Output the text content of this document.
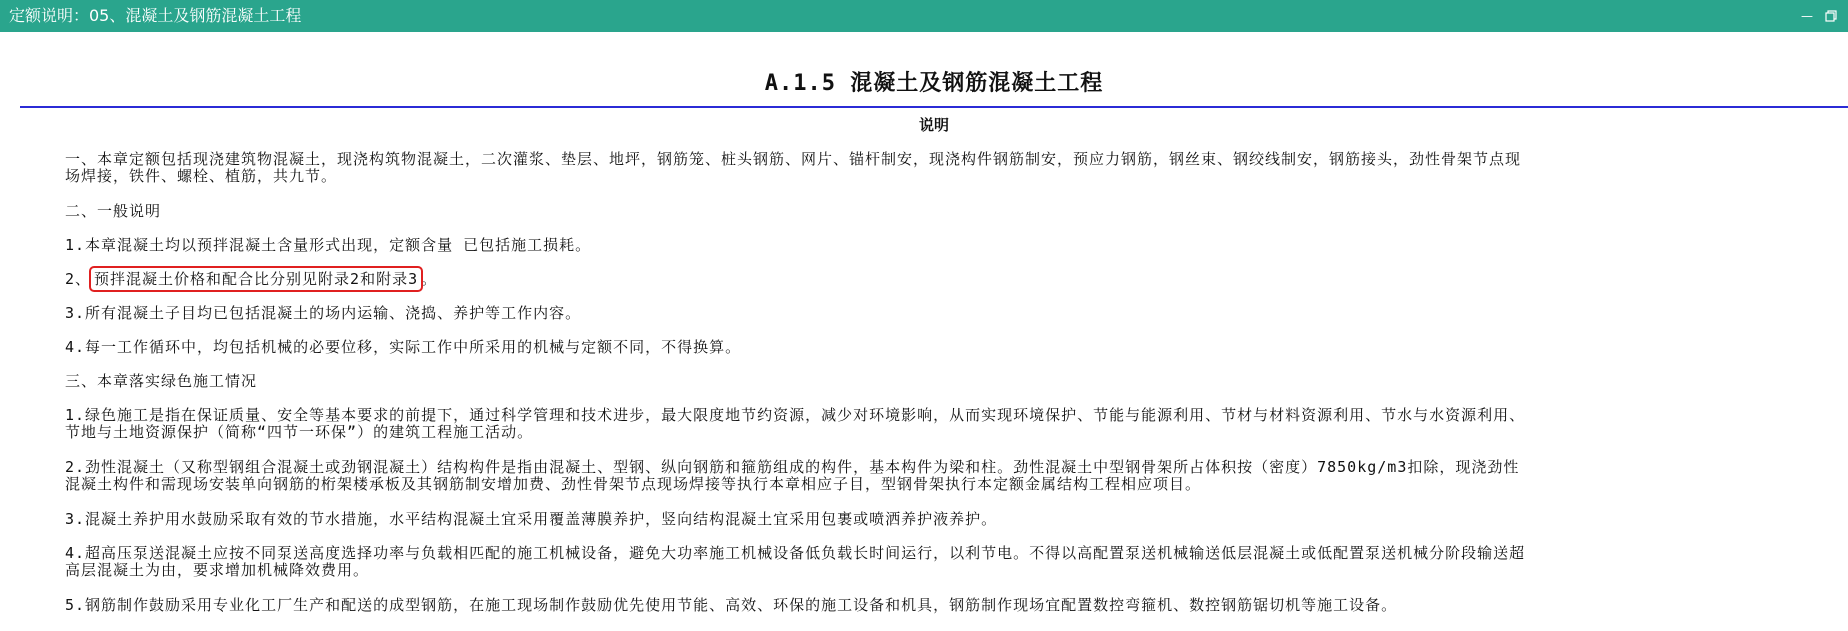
定额说明：05、混凝土及钢筋混凝土工程	—
A.1.5 混凝土及钢筋混凝土工程
说明
一、本章定额包括现浇建筑物混凝土，现浇构筑物混凝土，二次灌浆、垫层、地坪，钢筋笼、桩头钢筋、网片、锚杆制安，现浇构件钢筋制安，预应力钢筋，钢丝束、钢绞线制安，钢筋接头，劲性骨架节点现
场焊接，铁件、螺栓、植筋，共九节。
二、一般说明
1.本章混凝土均以预拌混凝土含量形式出现，定额含量 已包括施工损耗。
2、 预拌混凝土价格和配合比分别见附录2和附录3 。
3.所有混凝土子目均已包括混凝土的场内运输、浇捣、养护等工作内容。
4.每一工作循环中，均包括机械的必要位移，实际工作中所采用的机械与定额不同，不得换算。
三、本章落实绿色施工情况
1.绿色施工是指在保证质量、安全等基本要求的前提下，通过科学管理和技术进步，最大限度地节约资源，减少对环境影响，从而实现环境保护、节能与能源利用、节材与材料资源利用、节水与水资源利用、
节地与土地资源保护（简称“四节一环保”）的建筑工程施工活动。
2.劲性混凝土（又称型钢组合混凝土或劲钢混凝土）结构构件是指由混凝土、型钢、纵向钢筋和箍筋组成的构件，基本构件为梁和柱。劲性混凝土中型钢骨架所占体积按（密度）7850kg/m3扣除，现浇劲性
混凝土构件和需现场安装单向钢筋的桁架楼承板及其钢筋制安增加费、劲性骨架节点现场焊接等执行本章相应子目，型钢骨架执行本定额金属结构工程相应项目。
3.混凝土养护用水鼓励采取有效的节水措施，水平结构混凝土宜采用覆盖薄膜养护，竖向结构混凝土宜采用包裹或喷洒养护液养护。
4.超高压泵送混凝土应按不同泵送高度选择功率与负载相匹配的施工机械设备，避免大功率施工机械设备低负载长时间运行，以利节电。不得以高配置泵送机械输送低层混凝土或低配置泵送机械分阶段输送超
高层混凝土为由，要求增加机械降效费用。
5.钢筋制作鼓励采用专业化工厂生产和配送的成型钢筋，在施工现场制作鼓励优先使用节能、高效、环保的施工设备和机具，钢筋制作现场宜配置数控弯箍机、数控钢筋锯切机等施工设备。
